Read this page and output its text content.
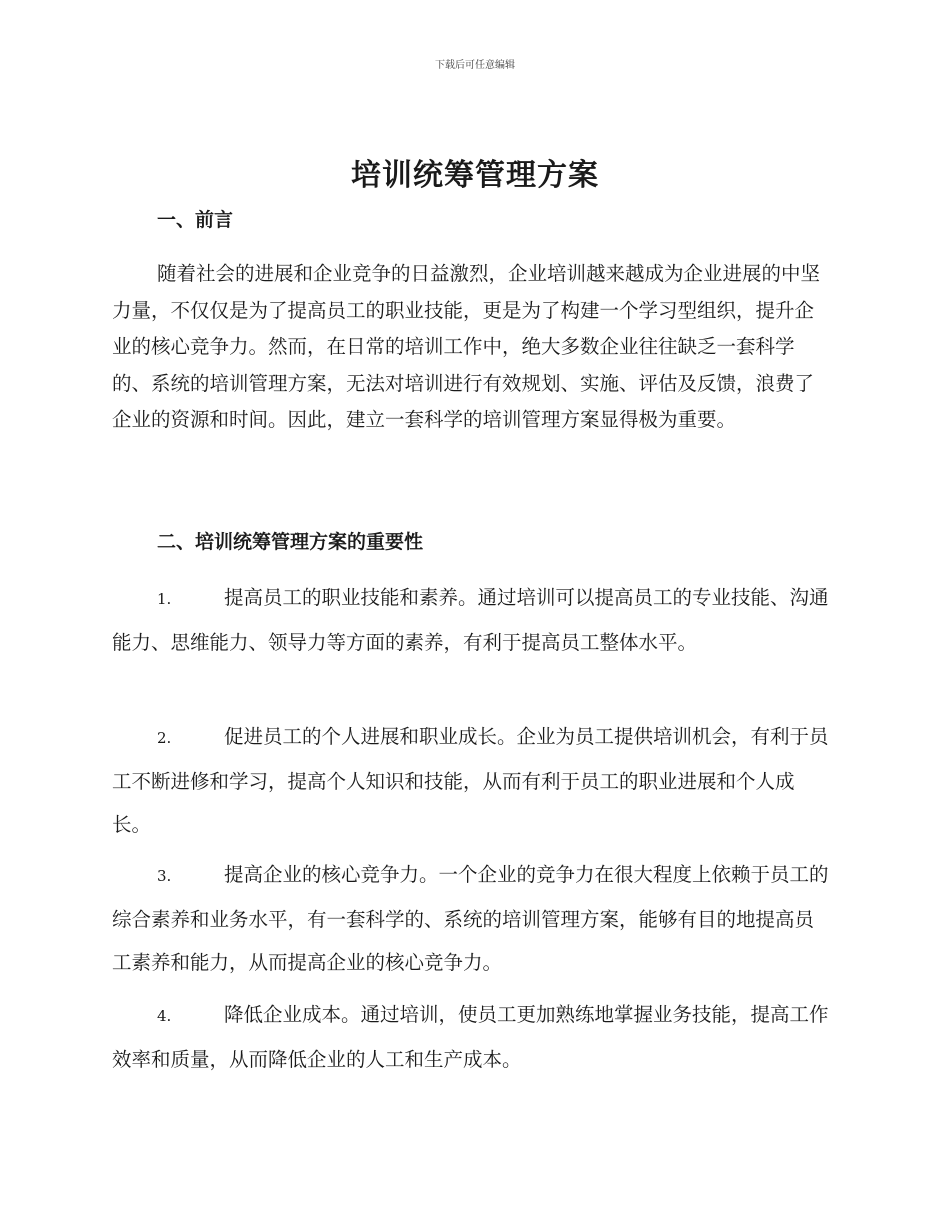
下载后可任意编辑
培训统筹管理方案
一、前言

随着社会的进展和企业竞争的日益激烈，企业培训越来越成为企业进展的中坚力量，不仅仅是为了提高员工的职业技能，更是为了构建一个学习型组织，提升企业的核心竞争力。然而，在日常的培训工作中，绝大多数企业往往缺乏一套科学的、系统的培训管理方案，无法对培训进行有效规划、实施、评估及反馈，浪费了企业的资源和时间。因此，建立一套科学的培训管理方案显得极为重要。

二、培训统筹管理方案的重要性
1.	提高员工的职业技能和素养。通过培训可以提高员工的专业技能、沟通能力、思维能力、领导力等方面的素养，有利于提高员工整体水平。
2.	促进员工的个人进展和职业成长。企业为员工提供培训机会，有利于员工不断进修和学习，提高个人知识和技能，从而有利于员工的职业进展和个人成长。
3.	提高企业的核心竞争力。一个企业的竞争力在很大程度上依赖于员工的综合素养和业务水平，有一套科学的、系统的培训管理方案，能够有目的地提高员工素养和能力，从而提高企业的核心竞争力。
4.	降低企业成本。通过培训，使员工更加熟练地掌握业务技能，提高工作效率和质量，从而降低企业的人工和生产成本。
